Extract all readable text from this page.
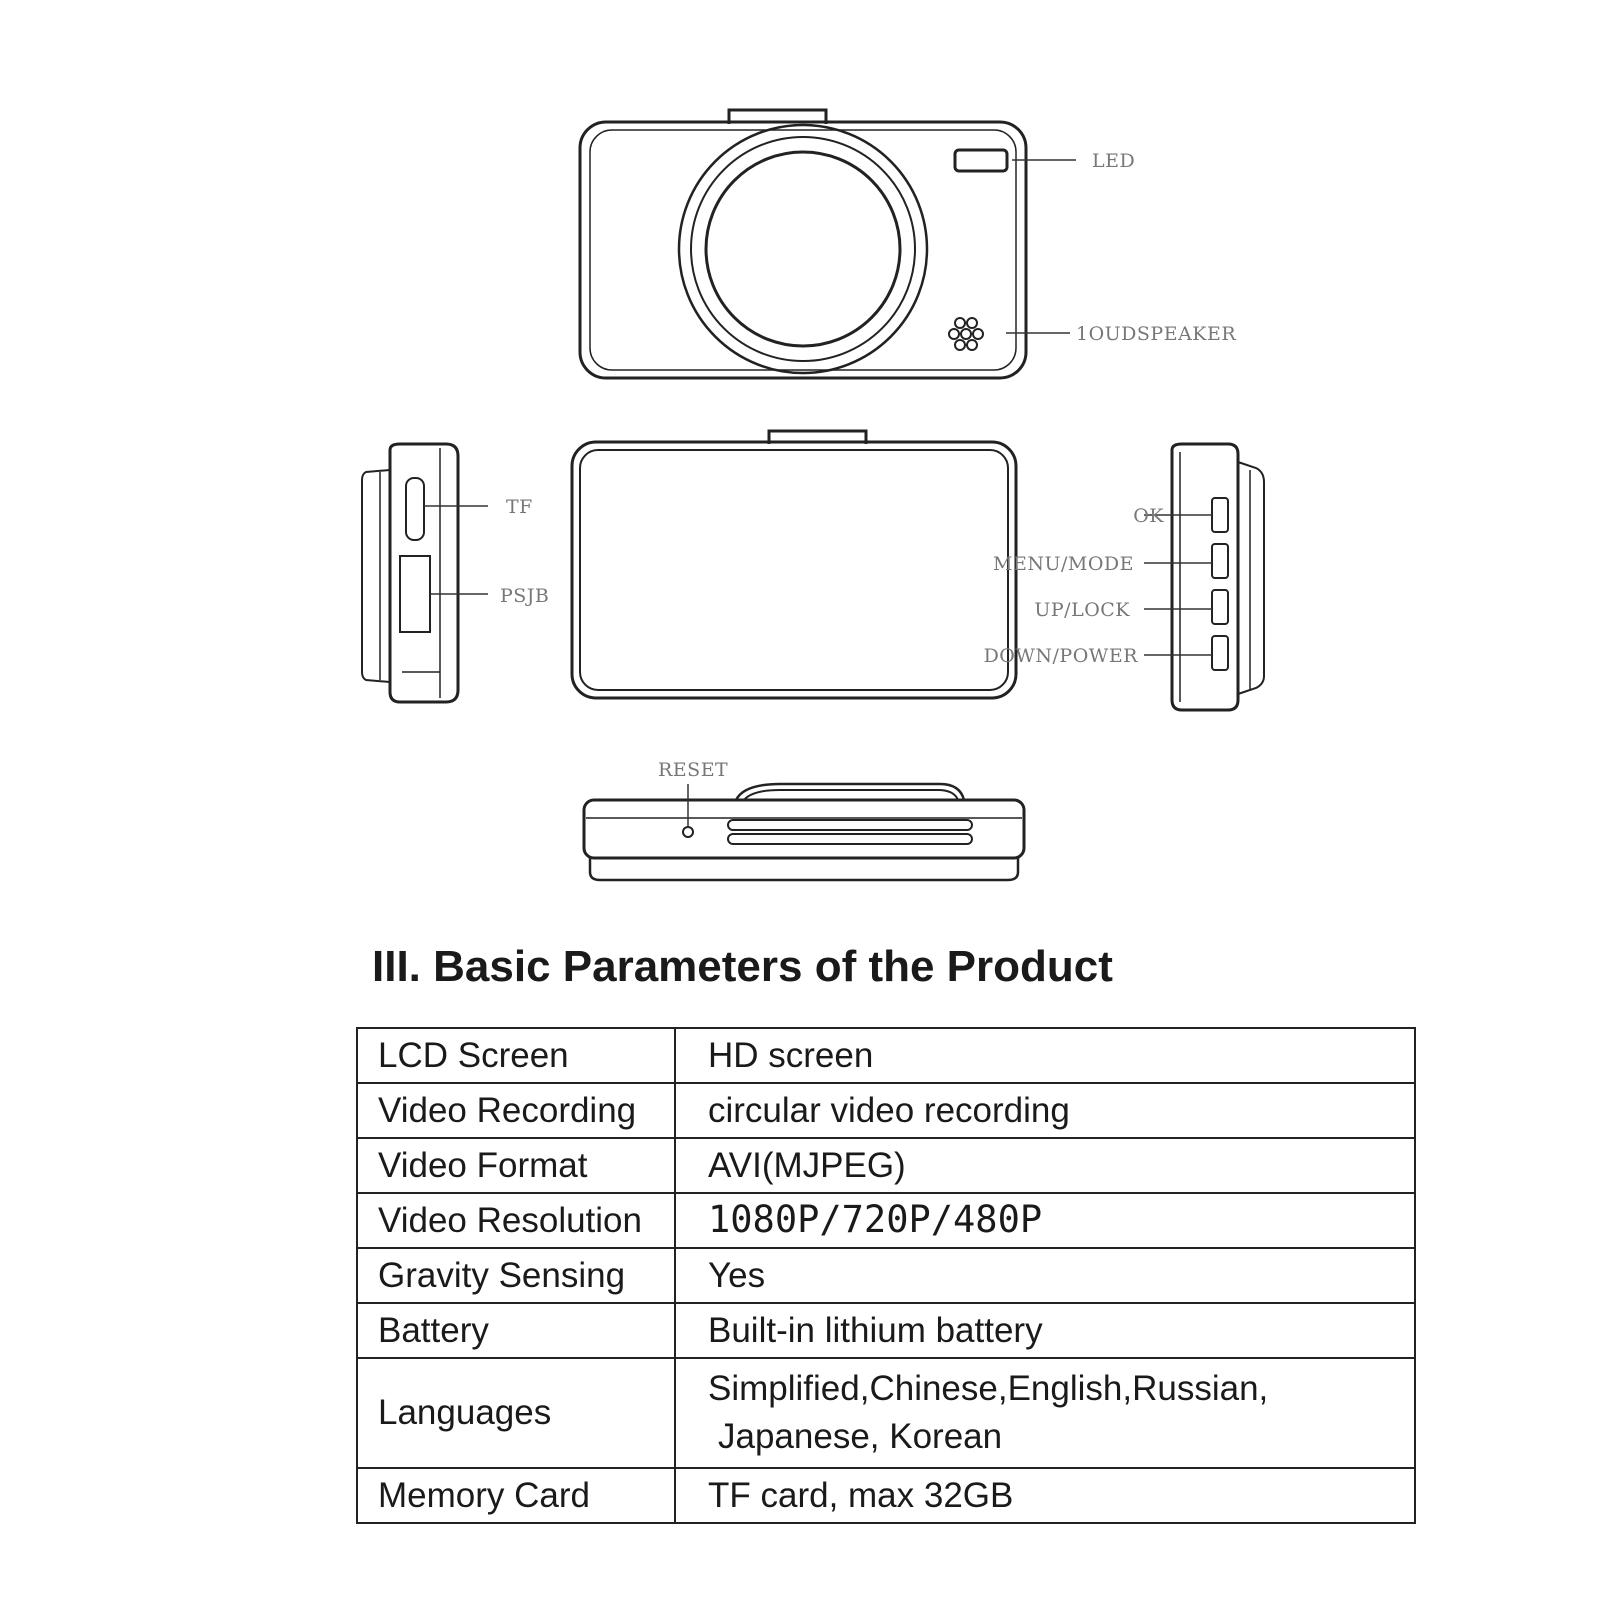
LED
1OUDSPEAKER
TF
PSJB
OK
MENU/MODE
UP/LOCK
DOWN/POWER
RESET
III. Basic Parameters of the Product
LCD Screen	HD screen
Video Recording	circular video recording
Video Format	AVI(MJPEG)
Video Resolution	1080P/720P/480P
Gravity Sensing	Yes
Battery	Built-in lithium battery
Languages	Simplified,Chinese,English,Russian,
Japanese, Korean

Memory Card	TF card, max 32GB
